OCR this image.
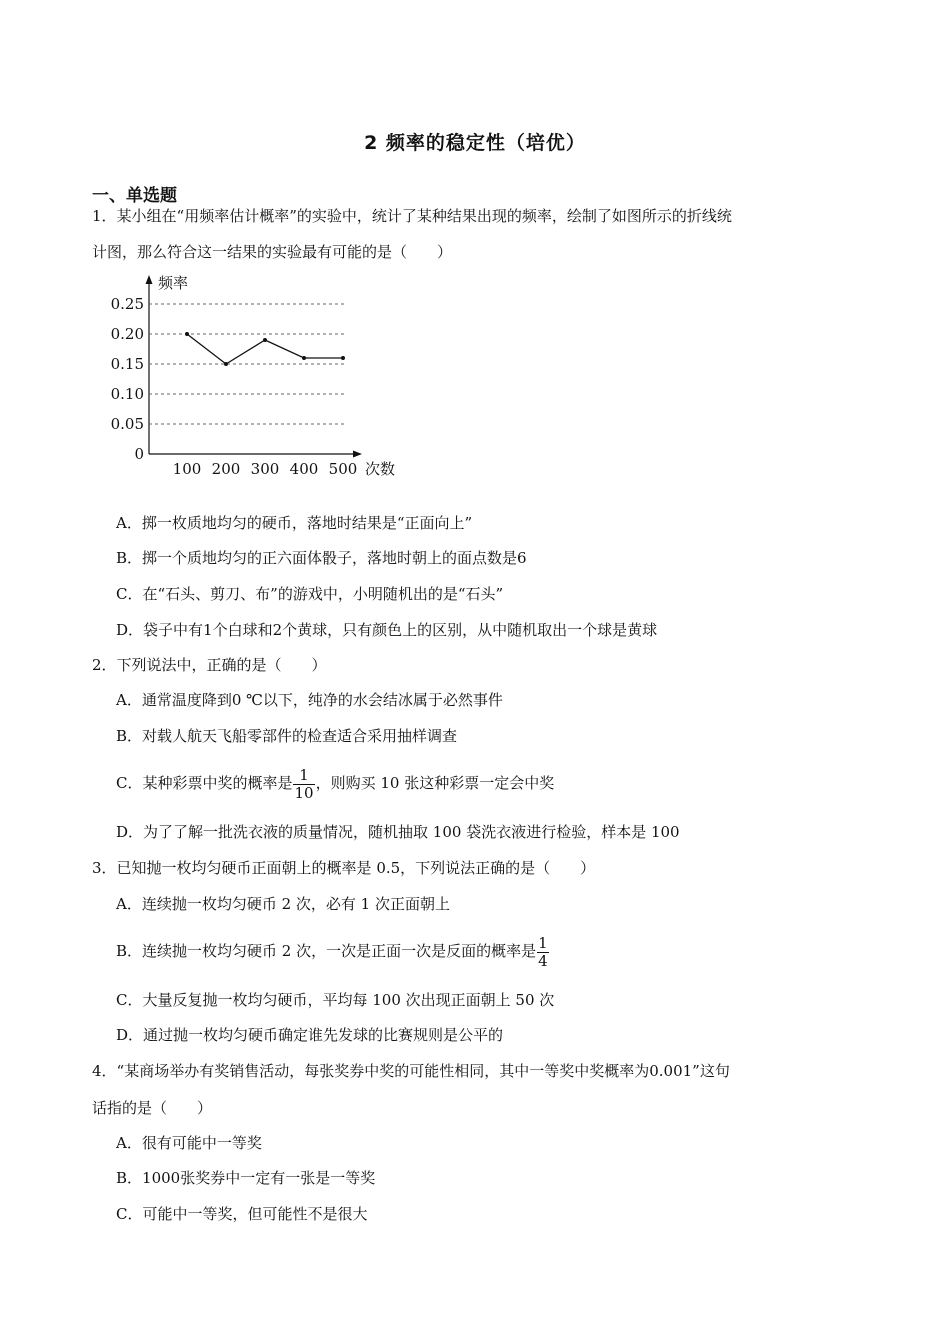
2 频率的稳定性（培优）
一、单选题
1．某小组在“用频率估计概率”的实验中，统计了某种结果出现的频率，绘制了如图所示的折线统
计图，那么符合这一结果的实验最有可能的是（　　）
0
0.05
0.10
0.15
0.20
0.25
100 200 300 400 500
频率
次数
A．掷一枚质地均匀的硬币，落地时结果是“正面向上”
B．掷一个质地均匀的正六面体骰子，落地时朝上的面点数是6
C．在“石头、剪刀、布”的游戏中，小明随机出的是“石头”
D．袋子中有1个白球和2个黄球，只有颜色上的区别，从中随机取出一个球是黄球
2．下列说法中，正确的是（　　）
A．通常温度降到0 ℃以下，纯净的水会结冰属于必然事件
B．对载人航天飞船零部件的检查适合采用抽样调查
C．某种彩票中奖的概率是 $\frac{1}{10}$ ，则购买 10 张这种彩票一定会中奖
D．为了了解一批洗衣液的质量情况，随机抽取 100 袋洗衣液进行检验，样本是 100
3．已知抛一枚均匀硬币正面朝上的概率是 0.5，下列说法正确的是（　　）
A．连续抛一枚均匀硬币 2 次，必有 1 次正面朝上
B．连续抛一枚均匀硬币 2 次，一次是正面一次是反面的概率是 $\frac{1}{4}$
C．大量反复抛一枚均匀硬币，平均每 100 次出现正面朝上 50 次
D．通过抛一枚均匀硬币确定谁先发球的比赛规则是公平的
4．“某商场举办有奖销售活动，每张奖券中奖的可能性相同，其中一等奖中奖概率为0.001”这句
话指的是（　　）
A．很有可能中一等奖
B．1000张奖券中一定有一张是一等奖
C．可能中一等奖，但可能性不是很大
